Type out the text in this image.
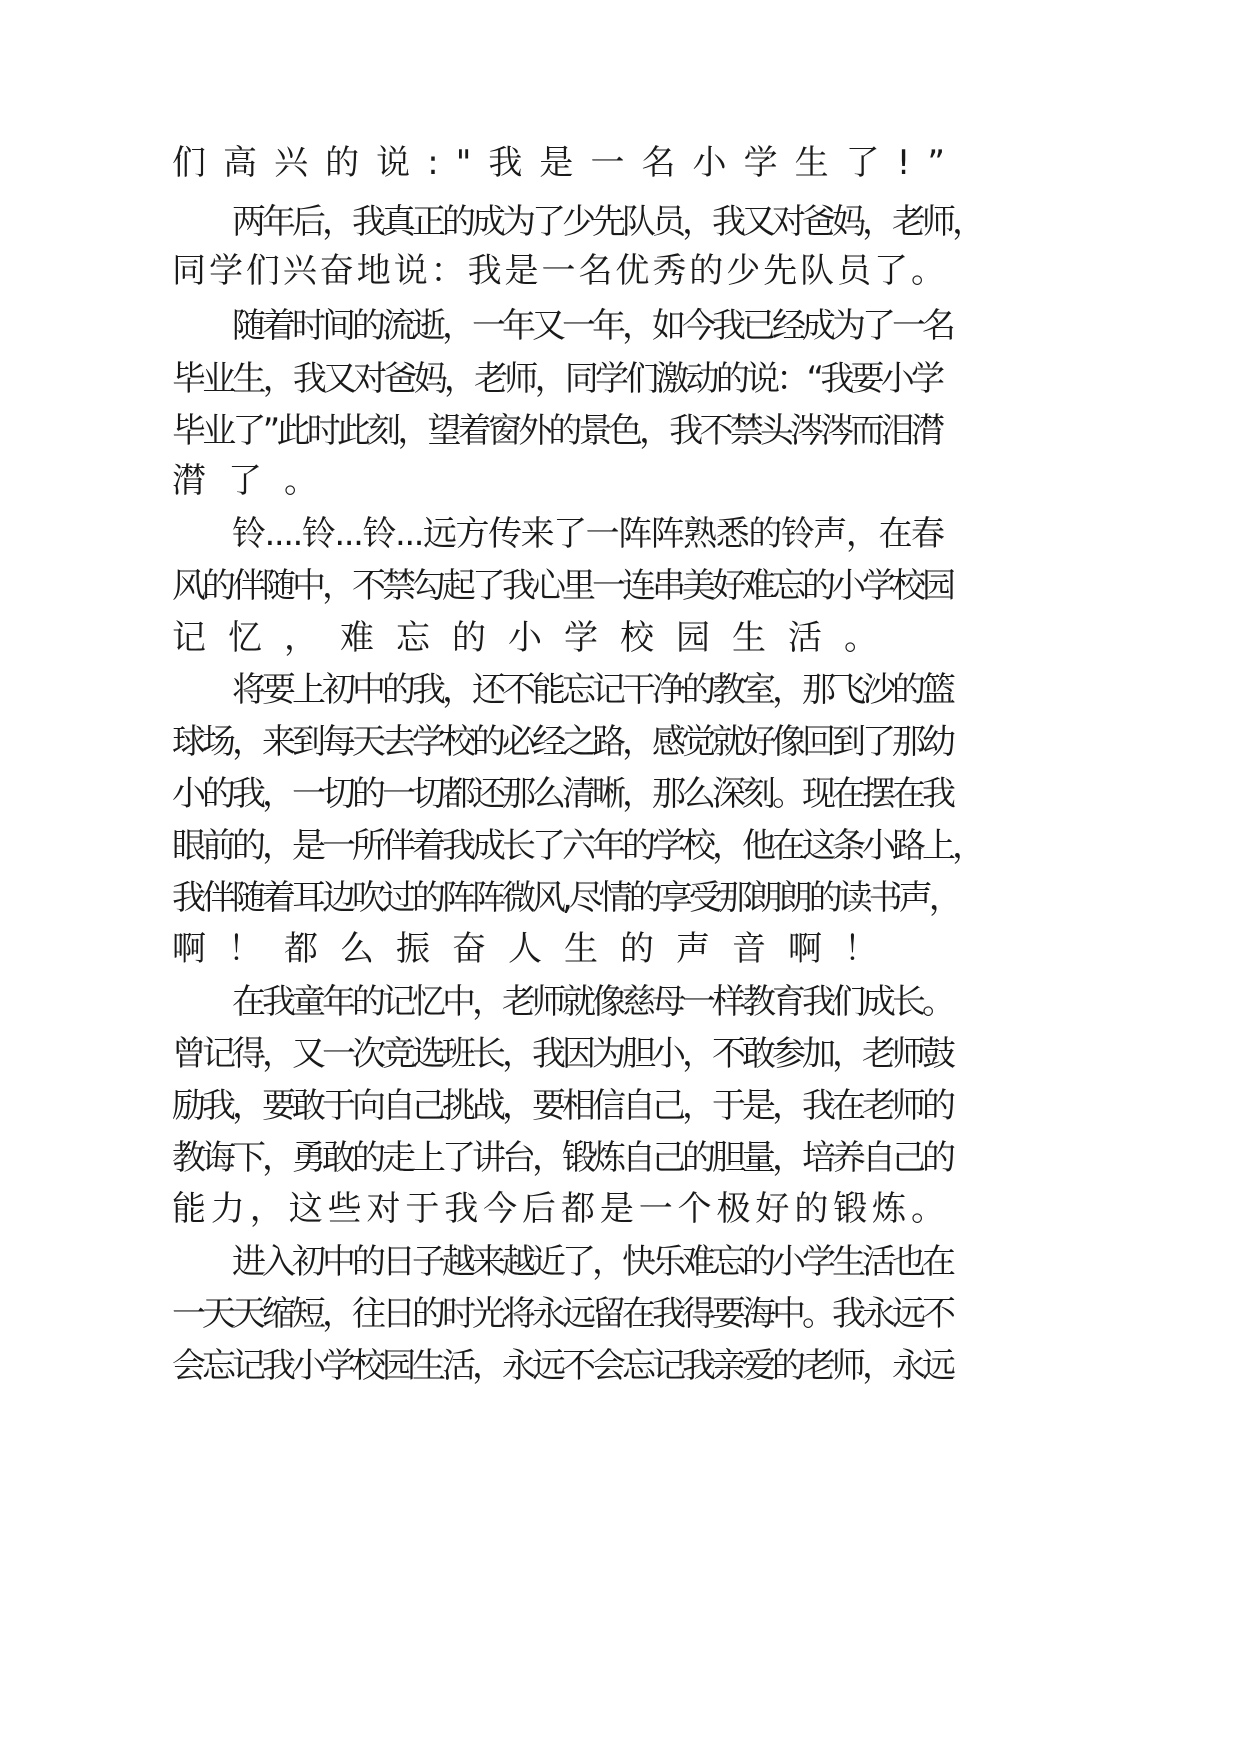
们高兴的说:"我是一名小学生了!”

两年后，我真正的成为了少先队员，我又对爸妈，老师，

同学们兴奋地说：我是一名优秀的少先队员了。

随着时间的流逝，一年又一年，如今我已经成为了一名

毕业生，我又对爸妈，老师，同学们激动的说：“我要小学

毕业了”此时此刻，望着窗外的景色，我不禁头涔涔而泪潸

潸了。

铃....铃...铃...远方传来了一阵阵熟悉的铃声，在春

风的伴随中，不禁勾起了我心里一连串美好难忘的小学校园

记忆，难忘的小学校园生活。

将要上初中的我，还不能忘记干净的教室，那飞沙的篮

球场，来到每天去学校的必经之路，感觉就好像回到了那幼

小的我，一切的一切都还那么清晰，那么深刻。现在摆在我

眼前的，是一所伴着我成长了六年的学校，他在这条小路上，

我伴随着耳边吹过的阵阵微风,尽情的享受那朗朗的读书声，

啊！都么振奋人生的声音啊！

在我童年的记忆中，老师就像慈母一样教育我们成长。

曾记得，又一次竞选班长，我因为胆小，不敢参加，老师鼓

励我，要敢于向自己挑战，要相信自己，于是，我在老师的

教诲下，勇敢的走上了讲台，锻炼自己的胆量，培养自己的

能力，这些对于我今后都是一个极好的锻炼。

进入初中的日子越来越近了，快乐难忘的小学生活也在

一天天缩短，往日的时光将永远留在我得要海中。我永远不

会忘记我小学校园生活，永远不会忘记我亲爱的老师，永远
